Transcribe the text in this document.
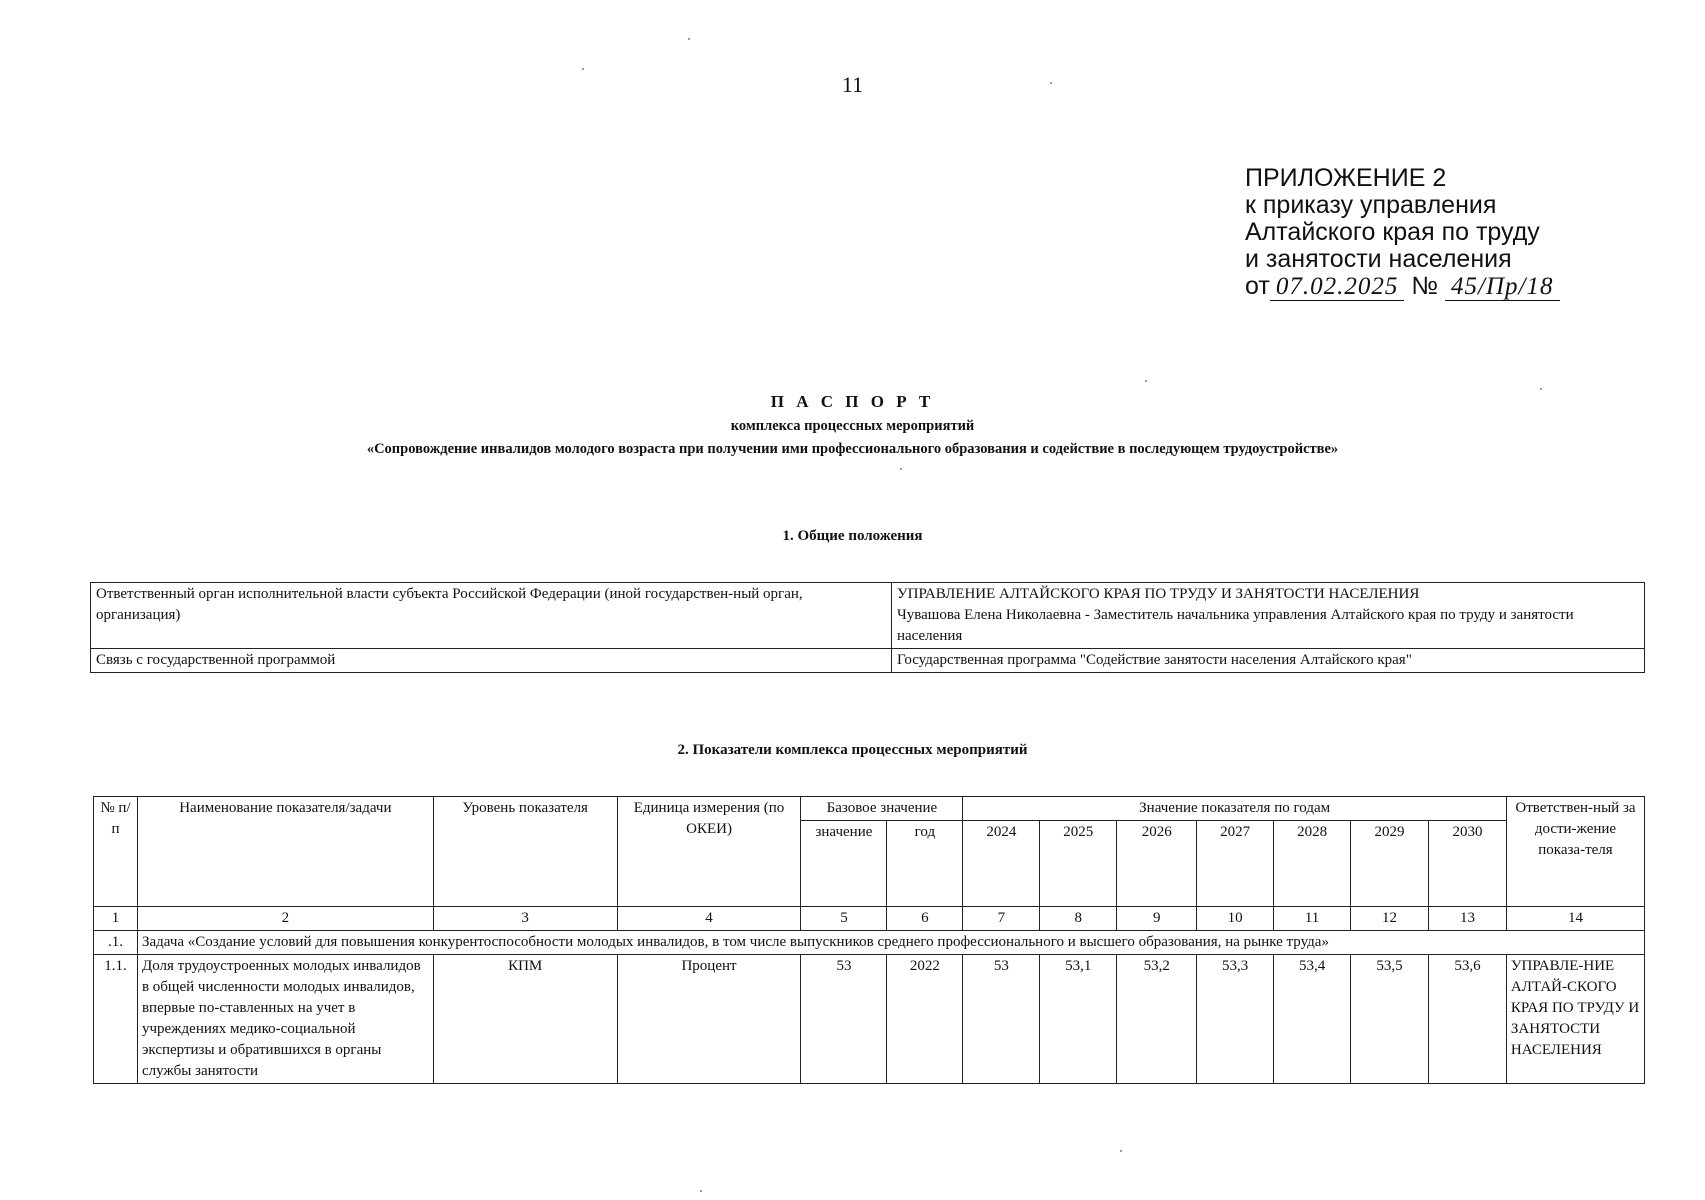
11
ПРИЛОЖЕНИЕ 2
к приказу управления
Алтайского края по труду
и занятости населения
от 07.02.2025 № 45/Пр/18
П А С П О Р Т
комплекса процессных мероприятий
«Сопровождение инвалидов молодого возраста при получении ими профессионального образования и содействие в последующем трудоустройстве»
1. Общие положения
Ответственный орган исполнительной власти субъекта Российской Федерации (иной государствен-ный орган, организация)	УПРАВЛЕНИЕ АЛТАЙСКОГО КРАЯ ПО ТРУДУ И ЗАНЯТОСТИ НАСЕЛЕНИЯ
Чувашова Елена Николаевна - Заместитель начальника управления Алтайского края по труду и занятости населения

Связь с государственной программой	Государственная программа "Содействие занятости населения Алтайского края"
2. Показатели комплекса процессных мероприятий
№ п/п	Наименование показателя/задачи	Уровень показателя	Единица измерения (по ОКЕИ)	Базовое значение		Значение показателя по годам							Ответствен-ный за дости-жение показа-теля
				значение	год	2024	2025	2026	2027	2028	2029	2030	
1	2	3	4	5	6	7	8	9	10	11	12	13	14
.1.	Задача «Создание условий для повышения конкурентоспособности молодых инвалидов, в том числе выпускников среднего профессионального и высшего образования, на рынке труда»												
1.1.	Доля трудоустроенных молодых инвалидов в общей численности молодых инвалидов, впервые по-ставленных на учет в учреждениях медико-социальной экспертизы и обратившихся в органы службы занятости	КПМ	Процент	53	2022	53	53,1	53,2	53,3	53,4	53,5	53,6	УПРАВЛЕ-НИЕ АЛТАЙ-СКОГО КРАЯ ПО ТРУДУ И ЗАНЯТОСТИ НАСЕЛЕНИЯ
